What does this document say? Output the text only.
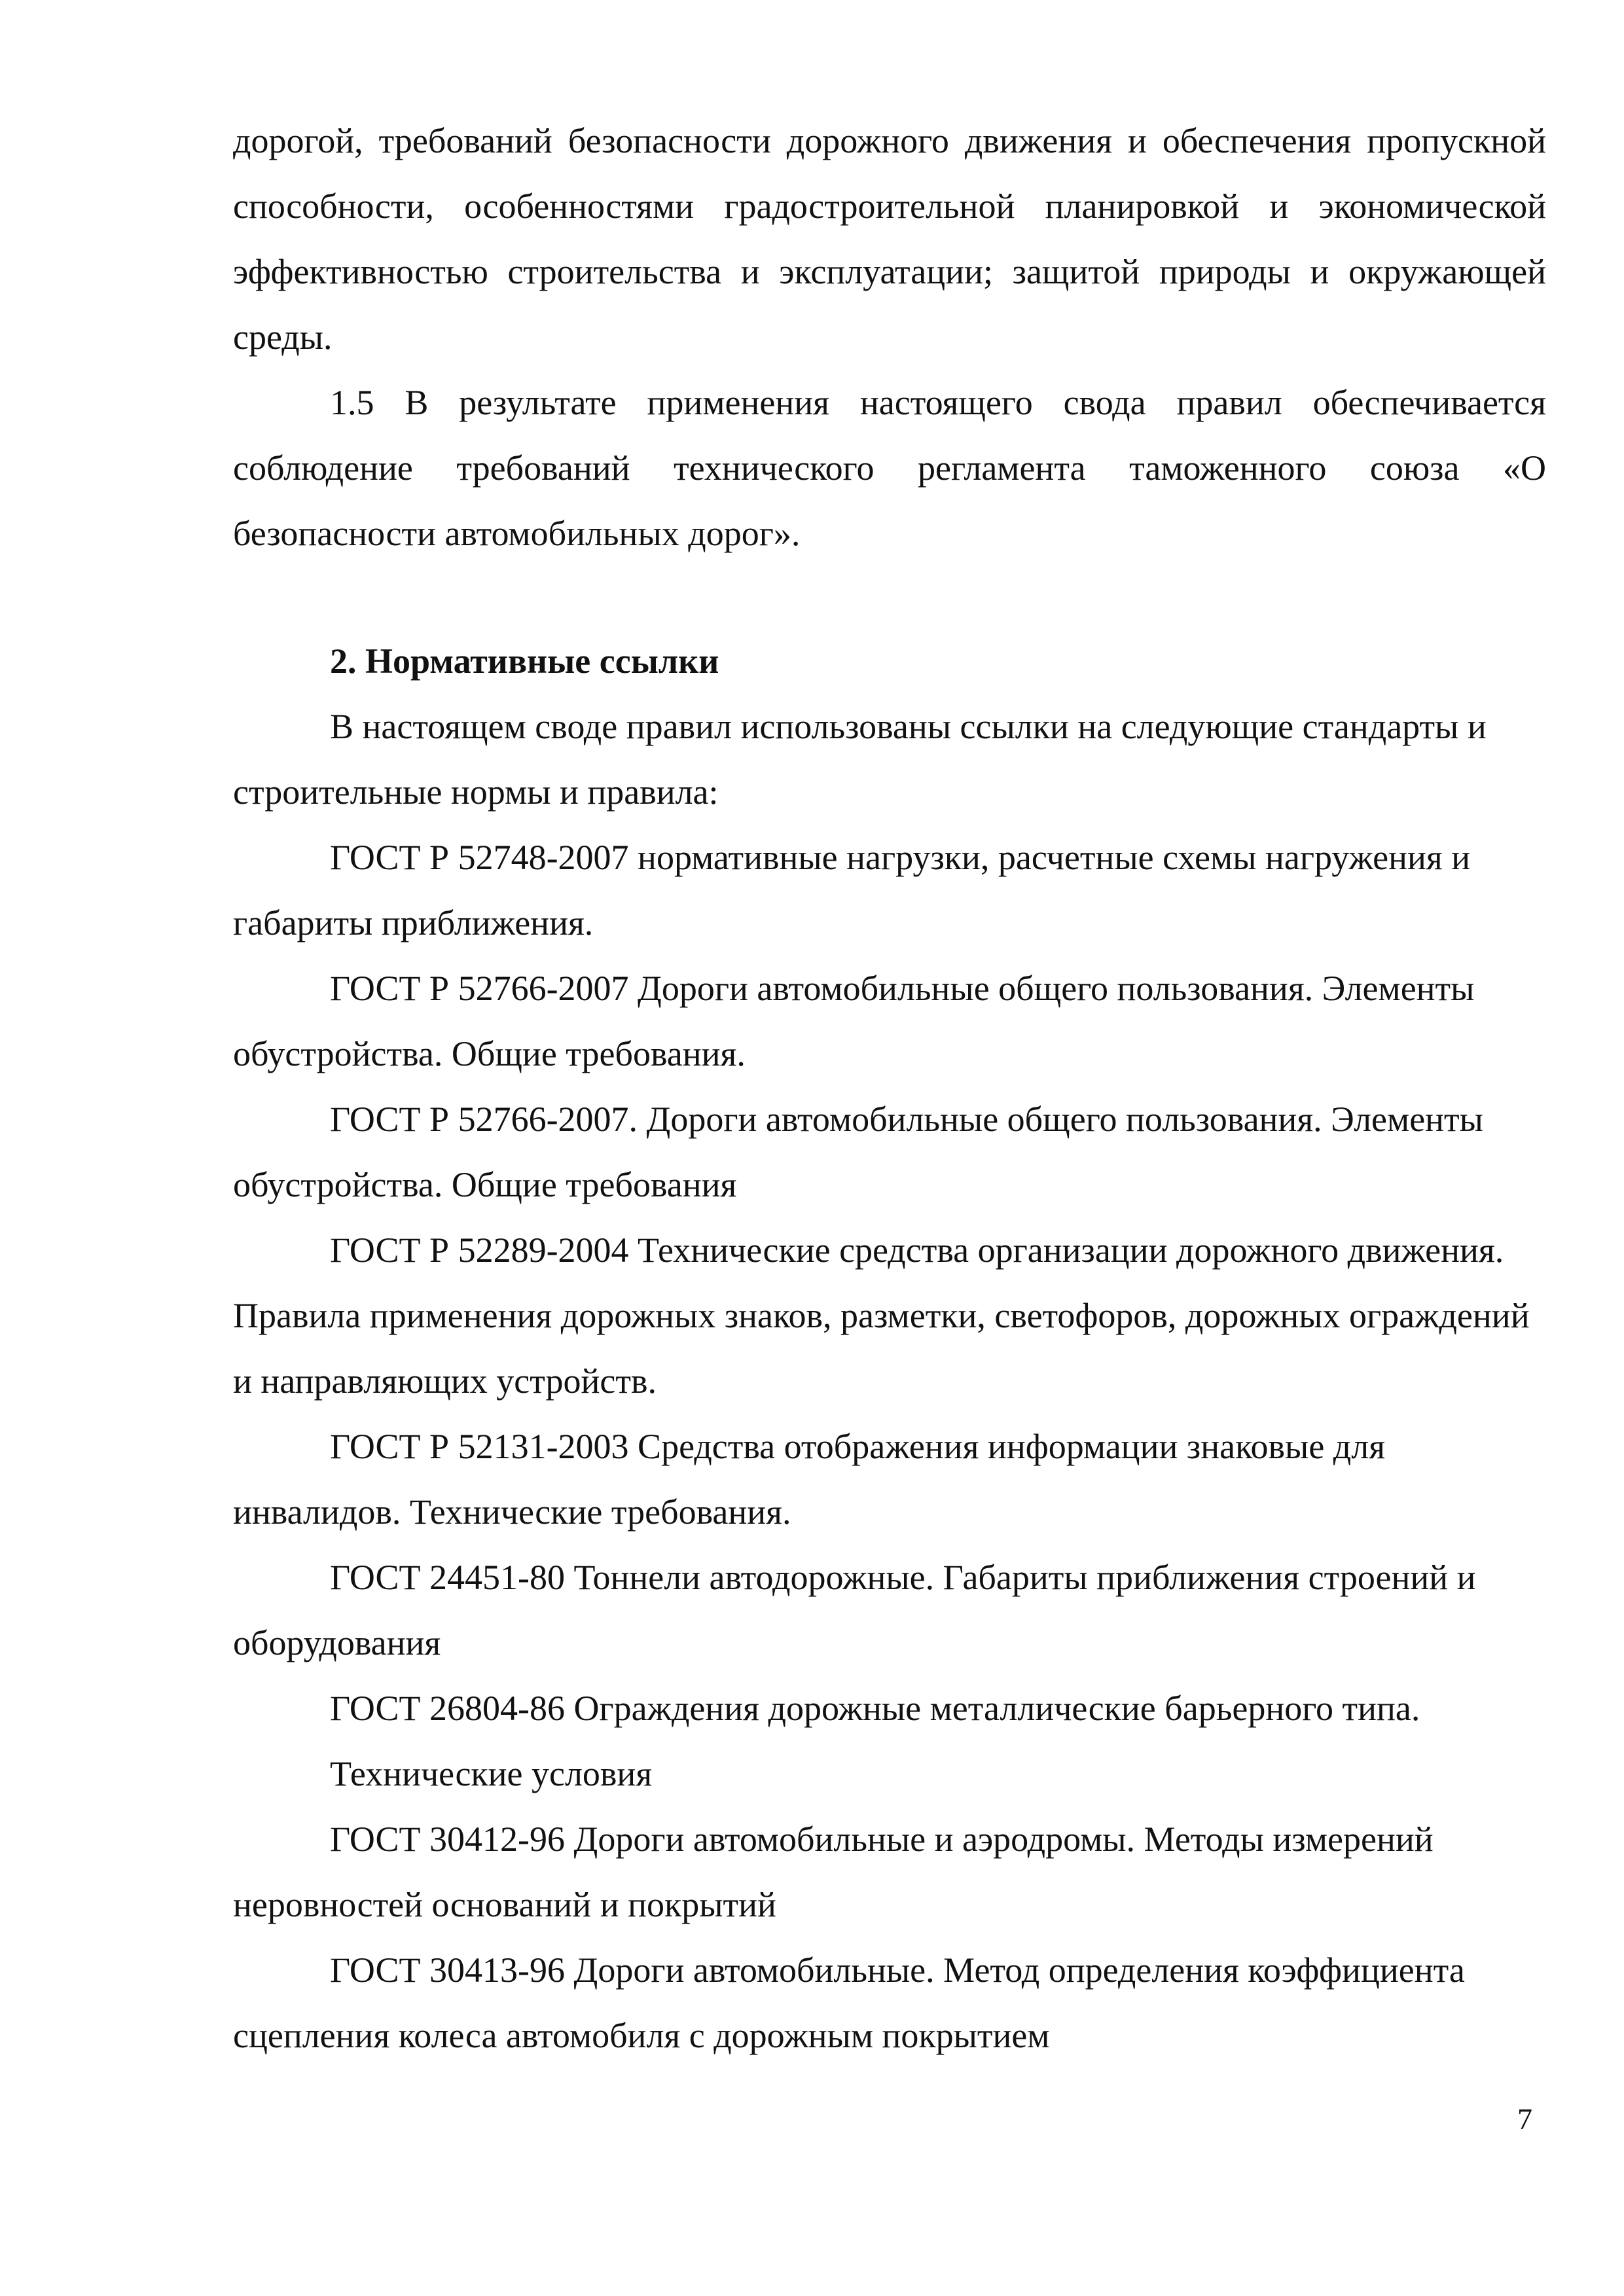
дорогой, требований безопасности дорожного движения и обеспечения пропускной способности, особенностями градостроительной планировкой и экономической эффективностью строительства и эксплуатации; защитой природы и окружающей среды.

1.5 В результате применения настоящего свода правил обеспечивается соблюдение требований технического регламента таможенного союза «О безопасности автомобильных дорог».

2. Нормативные ссылки

В настоящем своде правил использованы ссылки на следующие стандарты и строительные нормы и правила:

ГОСТ Р 52748-2007 нормативные нагрузки, расчетные схемы нагружения и габариты приближения.

ГОСТ Р 52766-2007 Дороги автомобильные общего пользования. Элементы обустройства. Общие требования.

ГОСТ Р 52766-2007. Дороги автомобильные общего пользования. Элементы обустройства. Общие требования

ГОСТ Р 52289-2004 Технические средства организации дорожного движения. Правила применения дорожных знаков, разметки, светофоров, дорожных ограждений и направляющих устройств.

ГОСТ Р 52131-2003 Средства отображения информации знаковые для инвалидов. Технические требования.

ГОСТ 24451-80 Тоннели автодорожные. Габариты приближения строений и оборудования

ГОСТ 26804-86 Ограждения дорожные металлические барьерного типа. Технические условия

ГОСТ 30412-96 Дороги автомобильные и аэродромы. Методы измерений неровностей оснований и покрытий

ГОСТ 30413-96 Дороги автомобильные. Метод определения коэффициента сцепления колеса автомобиля с дорожным покрытием

7
